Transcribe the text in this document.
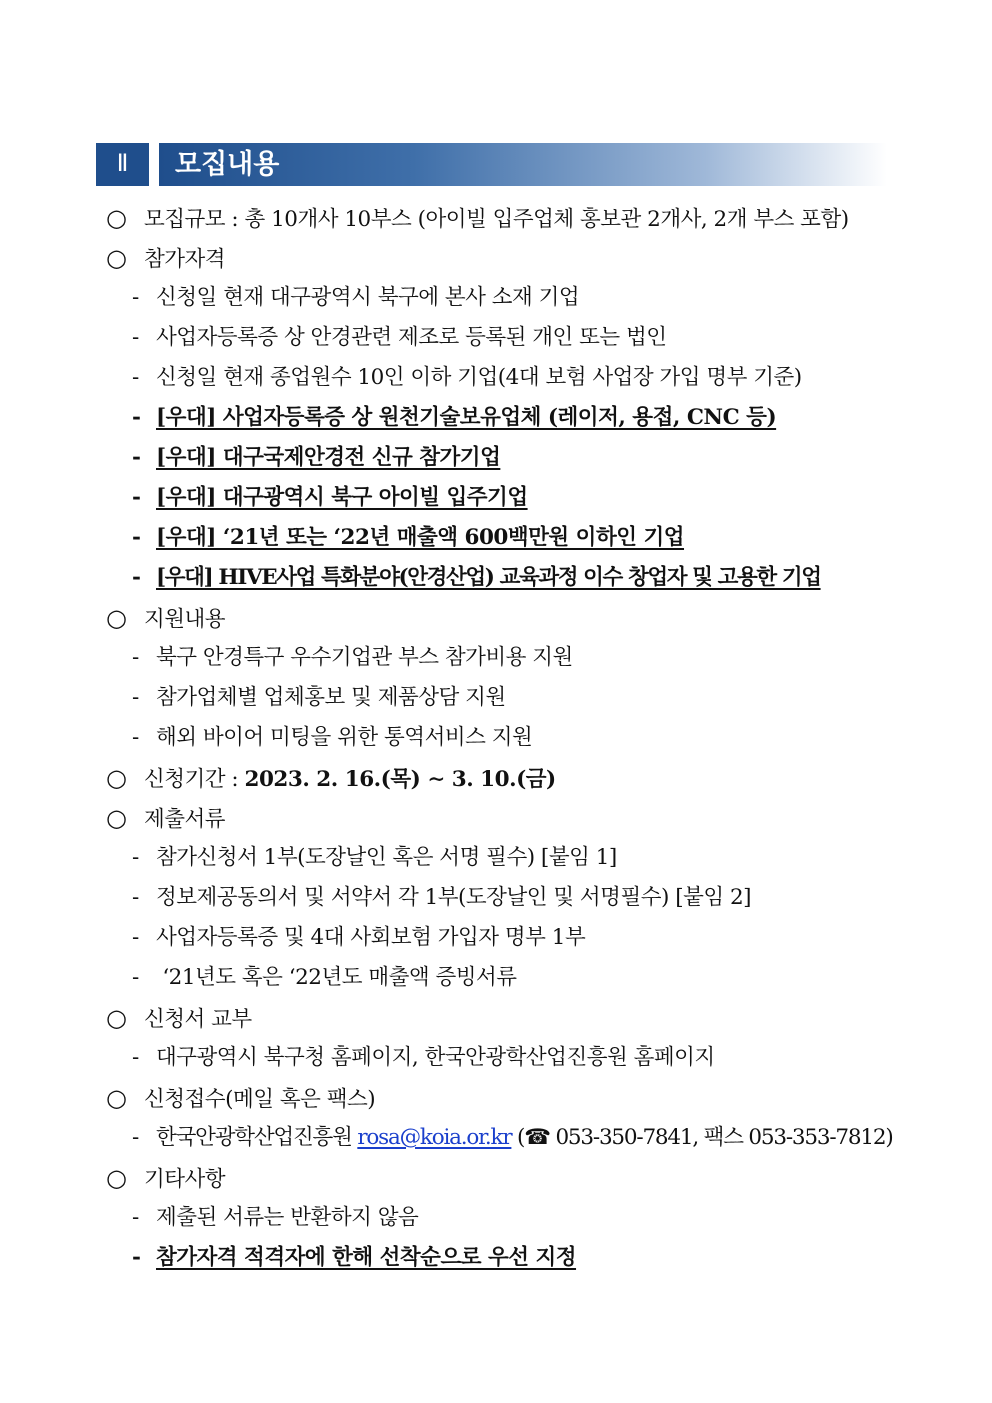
Ⅱ	모집내용
○ 모집규모 : 총 10개사 10부스 (아이빌 입주업체 홍보관 2개사, 2개 부스 포함)
○ 참가자격
- 신청일 현재 대구광역시 북구에 본사 소재 기업
- 사업자등록증 상 안경관련 제조로 등록된 개인 또는 법인
- 신청일 현재 종업원수 10인 이하 기업(4대 보험 사업장 가입 명부 기준)
- [우대] 사업자등록증 상 원천기술보유업체 (레이저, 용접, CNC 등)
- [우대] 대구국제안경전 신규 참가기업
- [우대] 대구광역시 북구 아이빌 입주기업
- [우대] ‘21년 또는 ‘22년 매출액 600백만원 이하인 기업
- [우대] HIVE사업 특화분야(안경산업) 교육과정 이수 창업자 및 고용한 기업
○ 지원내용
- 북구 안경특구 우수기업관 부스 참가비용 지원
- 참가업체별 업체홍보 및 제품상담 지원
- 해외 바이어 미팅을 위한 통역서비스 지원
○ 신청기간 : 2023. 2. 16.(목) ∼ 3. 10.(금)
○ 제출서류
- 참가신청서 1부(도장날인 혹은 서명 필수) [붙임 1]
- 정보제공동의서 및 서약서 각 1부(도장날인 및 서명필수) [붙임 2]
- 사업자등록증 및 4대 사회보험 가입자 명부 1부
- ‘21년도 혹은 ‘22년도 매출액 증빙서류
○ 신청서 교부
- 대구광역시 북구청 홈페이지, 한국안광학산업진흥원 홈페이지
○ 신청접수(메일 혹은 팩스)
- 한국안광학산업진흥원 rosa@koia.or.kr (☎ 053-350-7841, 팩스 053-353-7812)
○ 기타사항
- 제출된 서류는 반환하지 않음
- 참가자격 적격자에 한해 선착순으로 우선 지정
